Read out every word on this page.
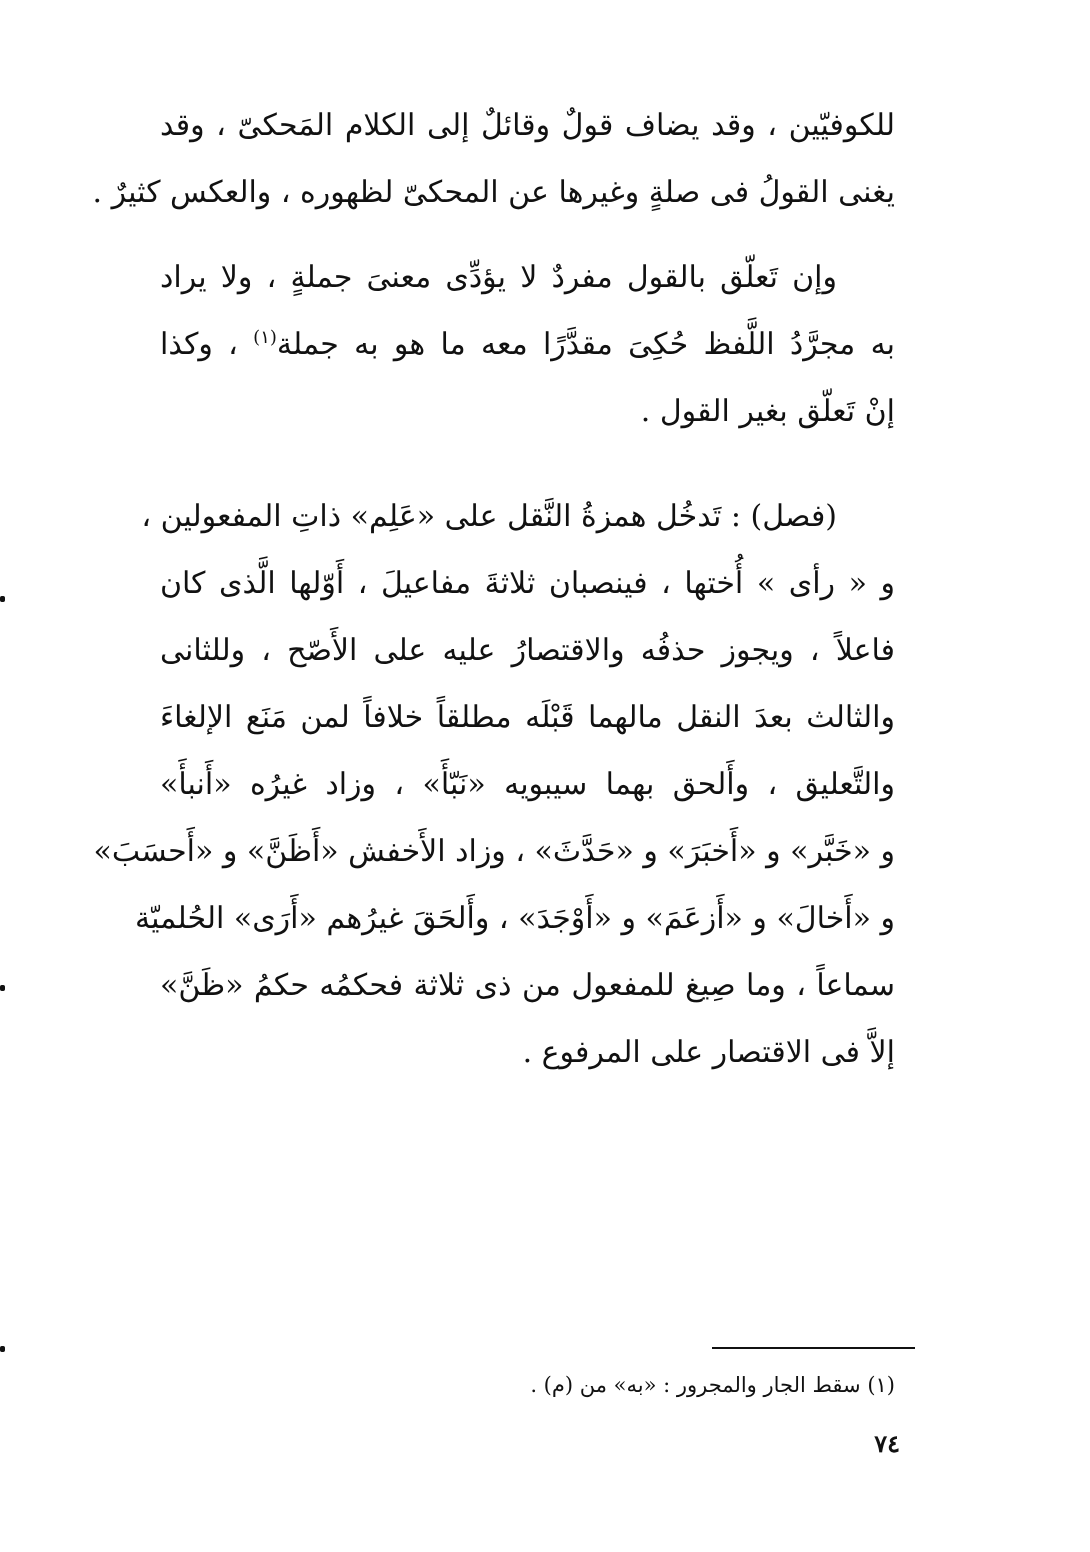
للكوفيّين ، وقد يضاف قولٌ وقائلٌ إلى الكلام المَحكىّ ، وقد
يغنى القولُ فى صلةٍ وغيرها عن المحكىّ لظهوره ، والعكس كثيرٌ .
وإن تَعلّق بالقول مفردٌ لا يؤدِّى معنىَ جملةٍ ، ولا يراد
به مجرَّدُ اللَّفظ حُكِىَ مقدَّرًا معه ما هو به جملة$^{(١)}$ ، وكذا
إنْ تَعلّق بغير القول .
(فصل) : تَدخُل همزةُ النَّقل على «عَلِم» ذاتِ المفعولين ،
و « رأى » أُختها ، فينصبان ثلاثةَ مفاعيلَ ، أَوّلها الَّذى كان
فاعلاً ، ويجوز حذفُه والاقتصارُ عليه على الأَصّح ، وللثانى
والثالث بعدَ النقل مالهما قَبْلَه مطلقاً خلافاً لمن مَنَع الإلغاءَ
والتَّعليق ، وأَلحق بهما سيبويه «نَبّأَ» ، وزاد غيرُه «أَنبأَ»
و «خَبَّر» و «أَخبَرَ» و «حَدَّثَ» ، وزاد الأَخفش «أَظَنَّ» و «أَحسَبَ»
و «أَخالَ» و «أَزعَمَ» و «أَوْجَدَ» ، وأَلحَقَ غيرُهم «أَرَى» الحُلميّة
سماعاً ، وما صِيغ للمفعول من ذى ثلاثة فحكمُه حكمُ «ظَنَّ»
إلاَّ فى الاقتصار على المرفوع .
(١) سقط الجار والمجرور : «به» من (م) .
٧٤
